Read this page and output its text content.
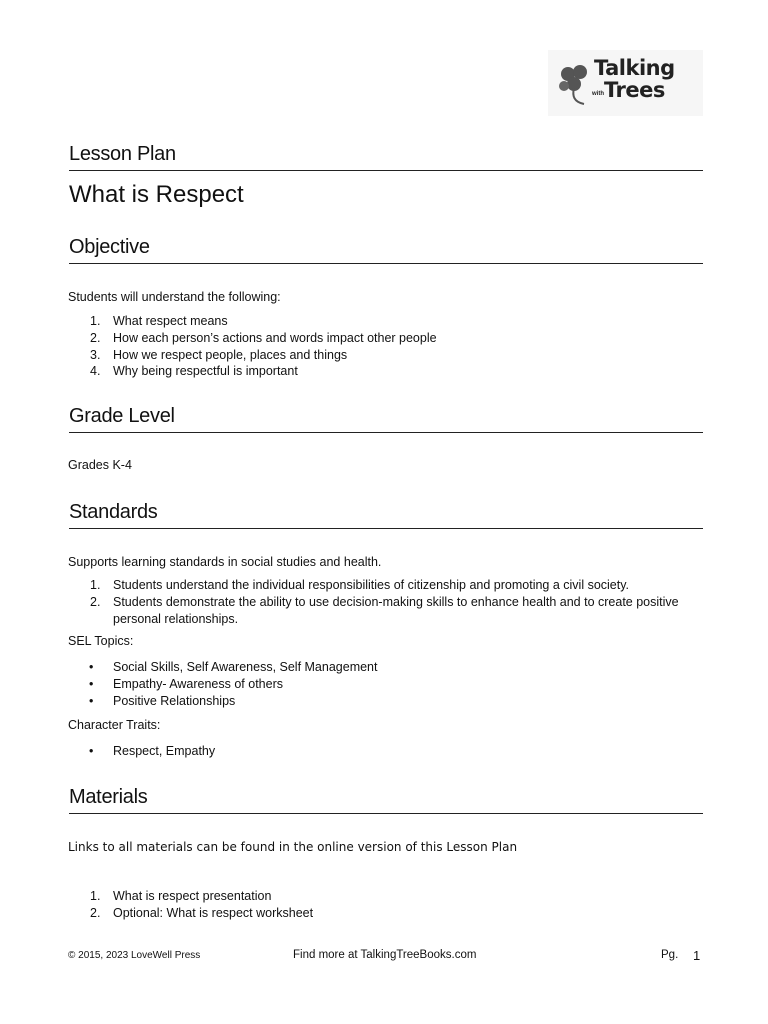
Talking
with Trees
Lesson Plan
What is Respect
Objective
Students will understand the following:
1. What respect means
2. How each person’s actions and words impact other people
3. How we respect people, places and things
4. Why being respectful is important
Grade Level
Grades K-4
Standards
Supports learning standards in social studies and health.
1. Students understand the individual responsibilities of citizenship and promoting a civil society.
2. Students demonstrate the ability to use decision-making skills to enhance health and to create positive personal relationships.
SEL Topics:
• Social Skills, Self Awareness, Self Management
• Empathy- Awareness of others
• Positive Relationships
Character Traits:
• Respect, Empathy
Materials
Links to all materials can be found in the online version of this Lesson Plan
1. What is respect presentation
2. Optional: What is respect worksheet
© 2015, 2023 LoveWell Press	Find more at TalkingTreeBooks.com	Pg. 1
